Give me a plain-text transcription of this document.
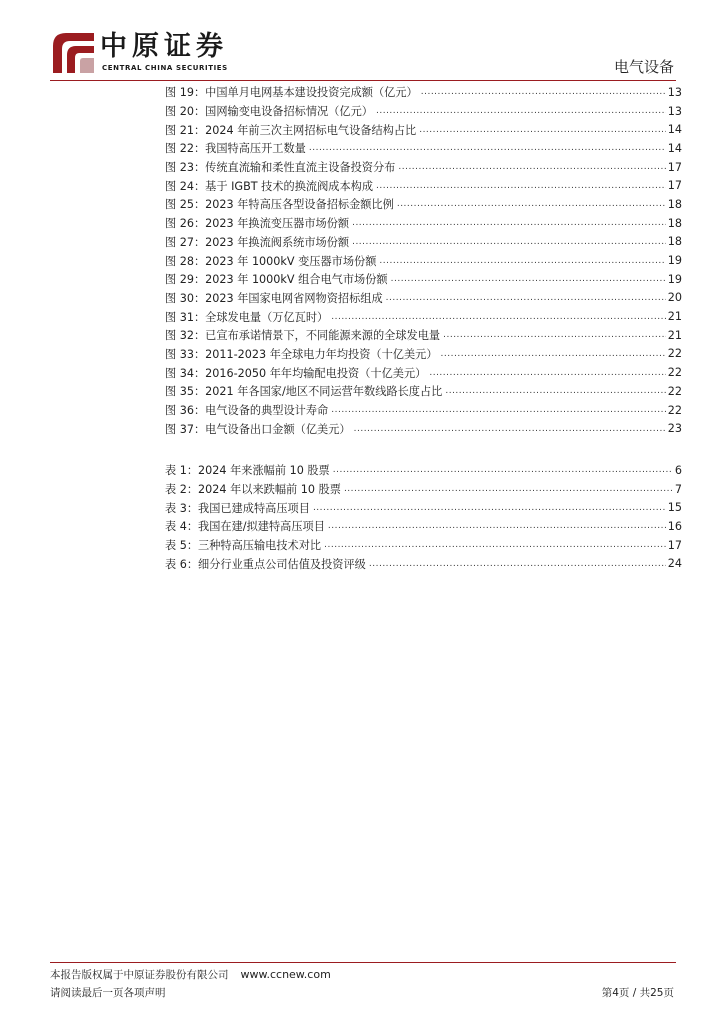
中原证券
CENTRAL CHINA SECURITIES	电气设备
图 19：中国单月电网基本建设投资完成额（亿元） .....	13
图 20：国网输变电设备招标情况（亿元） .....	13
图 21：2024 年前三次主网招标电气设备结构占比 .....	14
图 22：我国特高压开工数量 .....	14
图 23：传统直流输和柔性直流主设备投资分布 .....	17
图 24：基于 IGBT 技术的换流阀成本构成 .....	17
图 25：2023 年特高压各型设备招标金额比例 .....	18
图 26：2023 年换流变压器市场份额 .....	18
图 27：2023 年换流阀系统市场份额 .....	18
图 28：2023 年 1000kV 变压器市场份额 .....	19
图 29：2023 年 1000kV 组合电气市场份额 .....	19
图 30：2023 年国家电网省网物资招标组成 .....	20
图 31：全球发电量（万亿瓦时） .....	21
图 32：已宣布承诺情景下，不同能源来源的全球发电量 .....	21
图 33：2011-2023 年全球电力年均投资（十亿美元） .....	22
图 34：2016-2050 年年均输配电投资（十亿美元） .....	22
图 35：2021 年各国家/地区不同运营年数线路长度占比 .....	22
图 36：电气设备的典型设计寿命 .....	22
图 37：电气设备出口金额（亿美元） .....	23
表 1：2024 年来涨幅前 10 股票 .....	6
表 2：2024 年以来跌幅前 10 股票 .....	7
表 3：我国已建成特高压项目 .....	15
表 4：我国在建/拟建特高压项目 .....	16
表 5：三种特高压输电技术对比 .....	17
表 6：细分行业重点公司估值及投资评级 .....	24
本报告版权属于中原证券股份有限公司 www.ccnew.com
请阅读最后一页各项声明	第4页 / 共25页
